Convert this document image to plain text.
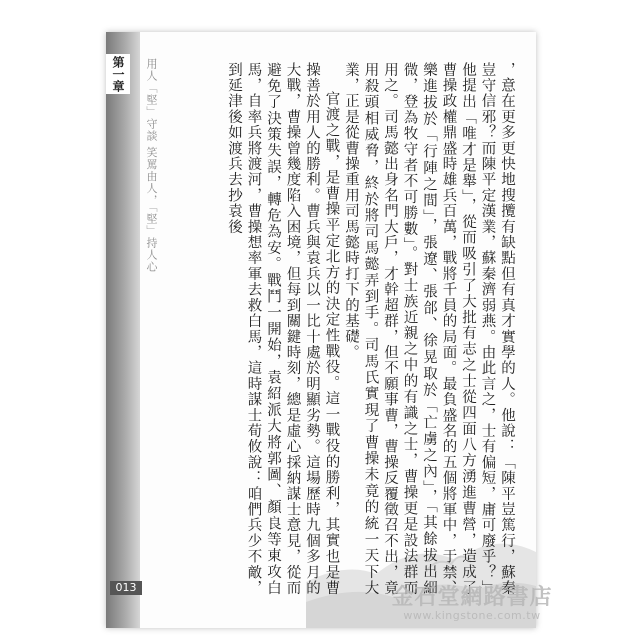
第一章	用人「堅」守談 笑罵由人，「堅」持人心	，意在更多更快地搜攬有缺點但有真才實學的人。他說：「陳平豈篤行，蘇秦豈守信邪？而陳平定漢業，蘇秦濟弱燕。由此言之，士有偏短，庸可廢乎？」他提出「唯才是舉」，從而吸引了大批有志之士從四面八方湧進曹營，造成了曹操政權鼎盛時雄兵百萬，戰將千員的局面。最負盛名的五個將軍中，于禁、樂進拔於「行陣之間」，張遼、張郃、徐晃取於「亡虜之內」，「其餘拔出細微，登為牧守者不可勝數」。對士族近親之中的有識之士，曹操更是設法群而用之。司馬懿出身名門大戶，才幹超群，但不願事曹，曹操反覆徵召不出，竟用殺頭相威脅，終於將司馬懿弄到手。司馬氏實現了曹操未竟的統一天下大業，正是從曹操重用司馬懿時打下的基礎。

官渡之戰，是曹操平定北方的決定性戰役。這一戰役的勝利，其實也是曹操善於用人的勝利。曹兵與袁兵以一比十處於明顯劣勢。這場歷時九個多月的大戰，曹操曾幾度陷入困境，但每到關鍵時刻，總是虛心採納謀士意見，從而避免了決策失誤，轉危為安。戰鬥一開始，袁紹派大將郭圖、顏良等東攻白馬，自率兵將渡河，曹操想率軍去救白馬，這時謀士荀攸說：咱們兵少不敵，到延津後如渡兵去抄袁後

013	金石堂網路書店
www.kingstone.com.tw
